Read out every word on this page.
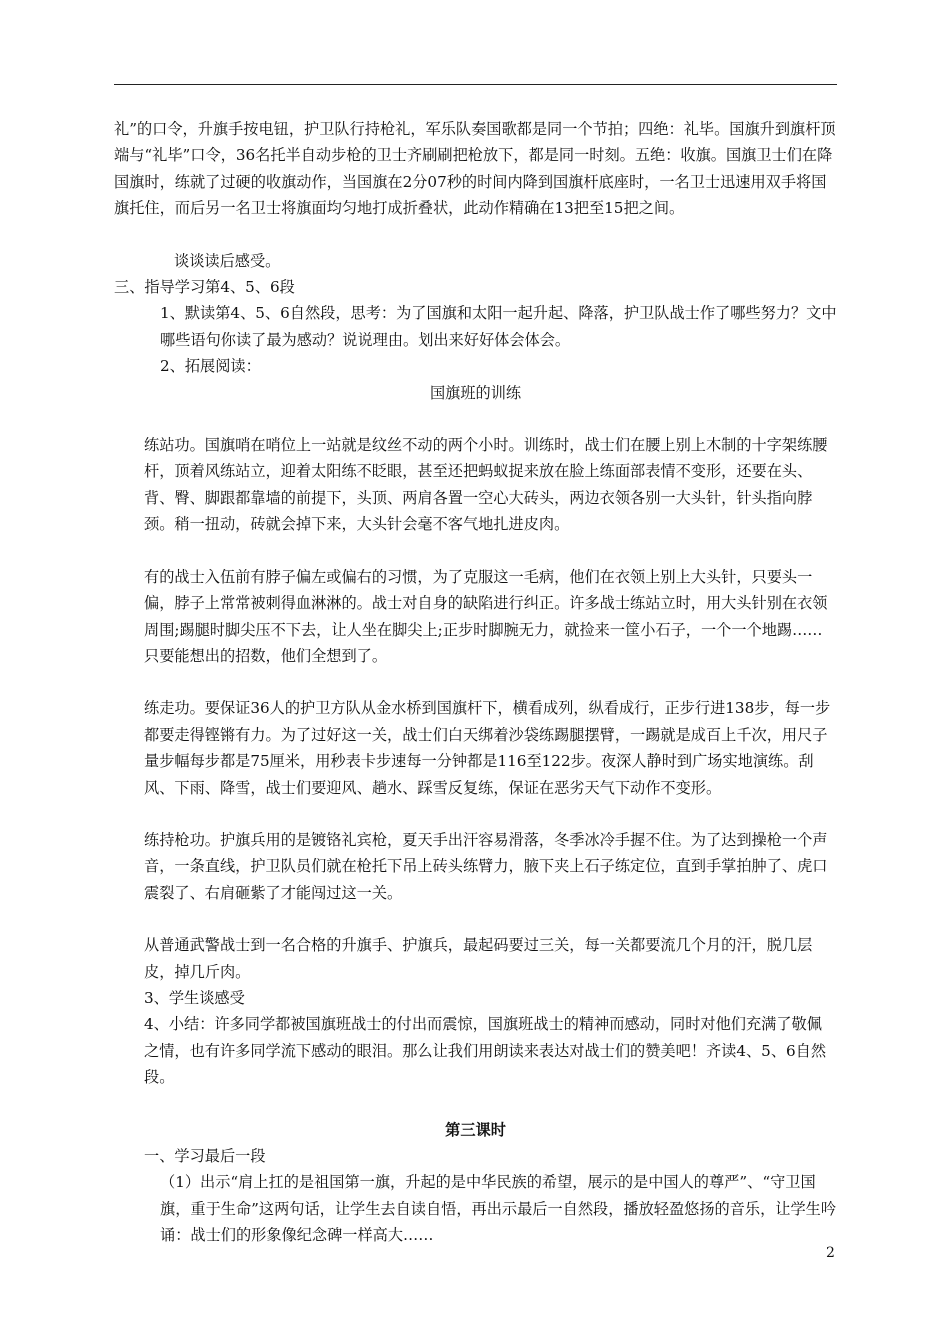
礼”的口令，升旗手按电钮，护卫队行持枪礼，军乐队奏国歌都是同一个节拍；四绝：礼毕。国旗升到旗杆顶端与“礼毕”口令，36名托半自动步枪的卫士齐刷刷把枪放下，都是同一时刻。五绝：收旗。国旗卫士们在降国旗时，练就了过硬的收旗动作，当国旗在2分07秒的时间内降到国旗杆底座时，一名卫士迅速用双手将国旗托住，而后另一名卫士将旗面均匀地打成折叠状，此动作精确在13把至15把之间。

谈谈读后感受。

三、指导学习第4、5、6段

1、默读第4、5、6自然段，思考：为了国旗和太阳一起升起、降落，护卫队战士作了哪些努力？文中哪些语句你读了最为感动？说说理由。划出来好好体会体会。

2、拓展阅读：

国旗班的训练

练站功。国旗哨在哨位上一站就是纹丝不动的两个小时。训练时，战士们在腰上别上木制的十字架练腰杆，顶着风练站立，迎着太阳练不眨眼，甚至还把蚂蚁捉来放在脸上练面部表情不变形，还要在头、背、臀、脚跟都靠墙的前提下，头顶、两肩各置一空心大砖头，两边衣领各别一大头针，针头指向脖颈。稍一扭动，砖就会掉下来，大头针会毫不客气地扎进皮肉。

有的战士入伍前有脖子偏左或偏右的习惯，为了克服这一毛病，他们在衣领上别上大头针，只要头一偏，脖子上常常被刺得血淋淋的。战士对自身的缺陷进行纠正。许多战士练站立时，用大头针别在衣领周围;踢腿时脚尖压不下去，让人坐在脚尖上;正步时脚腕无力，就捡来一筐小石子，一个一个地踢……只要能想出的招数，他们全想到了。

练走功。要保证36人的护卫方队从金水桥到国旗杆下，横看成列，纵看成行，正步行进138步，每一步都要走得铿锵有力。为了过好这一关，战士们白天绑着沙袋练踢腿摆臂，一踢就是成百上千次，用尺子量步幅每步都是75厘米，用秒表卡步速每一分钟都是116至122步。夜深人静时到广场实地演练。刮风、下雨、降雪，战士们要迎风、趟水、踩雪反复练，保证在恶劣天气下动作不变形。

练持枪功。护旗兵用的是镀铬礼宾枪，夏天手出汗容易滑落，冬季冰冷手握不住。为了达到操枪一个声音，一条直线，护卫队员们就在枪托下吊上砖头练臂力，腋下夹上石子练定位，直到手掌拍肿了、虎口震裂了、右肩砸紫了才能闯过这一关。

从普通武警战士到一名合格的升旗手、护旗兵，最起码要过三关，每一关都要流几个月的汗，脱几层皮，掉几斤肉。

3、学生谈感受

4、小结：许多同学都被国旗班战士的付出而震惊，国旗班战士的精神而感动，同时对他们充满了敬佩之情，也有许多同学流下感动的眼泪。那么让我们用朗读来表达对战士们的赞美吧！齐读4、5、6自然段。

第三课时

一、学习最后一段

（1）出示“肩上扛的是祖国第一旗，升起的是中华民族的希望，展示的是中国人的尊严”、“守卫国旗，重于生命”这两句话，让学生去自读自悟，再出示最后一自然段，播放轻盈悠扬的音乐，让学生吟诵：战士们的形象像纪念碑一样高大……

2
